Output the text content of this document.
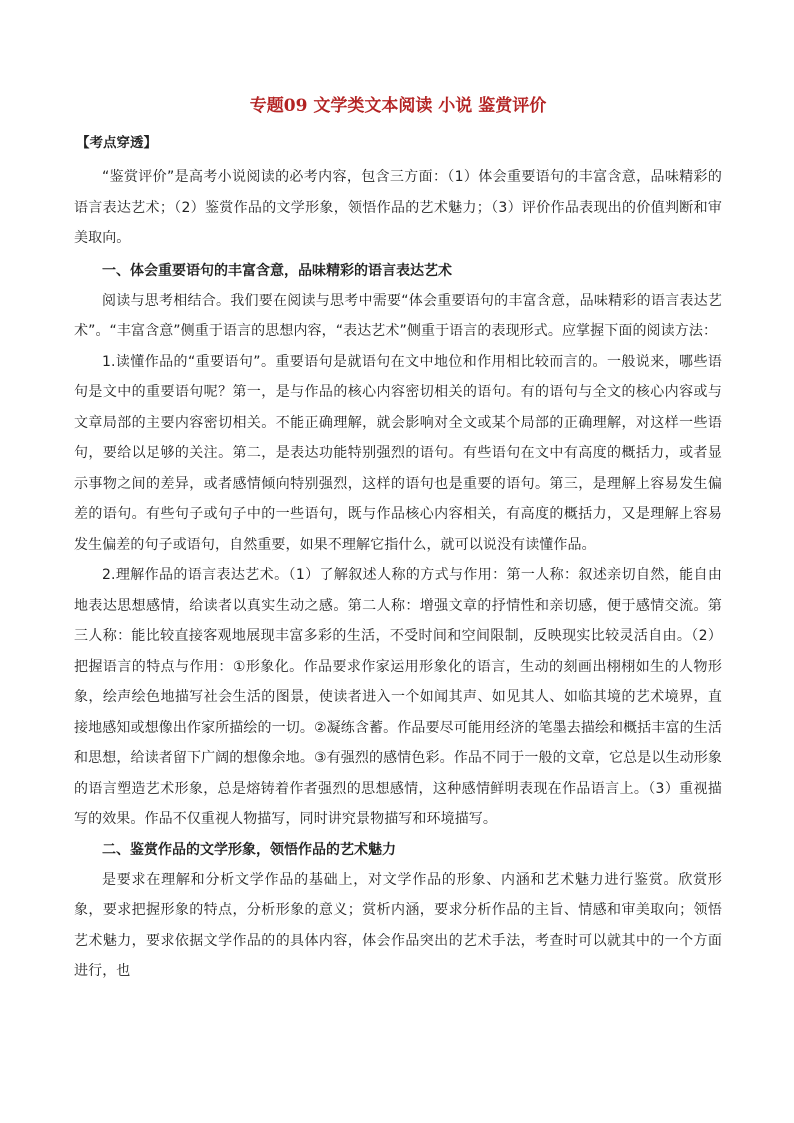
专题09 文学类文本阅读 小说 鉴赏评价
【考点穿透】

“鉴赏评价”是高考小说阅读的必考内容，包含三方面：（1）体会重要语句的丰富含意，品味精彩的语言表达艺术；（2）鉴赏作品的文学形象，领悟作品的艺术魅力；（3）评价作品表现出的价值判断和审美取向。

一、体会重要语句的丰富含意，品味精彩的语言表达艺术

阅读与思考相结合。我们要在阅读与思考中需要“体会重要语句的丰富含意，品味精彩的语言表达艺术”。“丰富含意”侧重于语言的思想内容，“表达艺术”侧重于语言的表现形式。应掌握下面的阅读方法：

1.读懂作品的“重要语句”。重要语句是就语句在文中地位和作用相比较而言的。一般说来，哪些语句是文中的重要语句呢？第一，是与作品的核心内容密切相关的语句。有的语句与全文的核心内容或与文章局部的主要内容密切相关。不能正确理解，就会影响对全文或某个局部的正确理解，对这样一些语句，要给以足够的关注。第二，是表达功能特别强烈的语句。有些语句在文中有高度的概括力，或者显示事物之间的差异，或者感情倾向特别强烈，这样的语句也是重要的语句。第三，是理解上容易发生偏差的语句。有些句子或句子中的一些语句，既与作品核心内容相关，有高度的概括力，又是理解上容易发生偏差的句子或语句，自然重要，如果不理解它指什么，就可以说没有读懂作品。

2.理解作品的语言表达艺术。（1）了解叙述人称的方式与作用：第一人称：叙述亲切自然，能自由地表达思想感情，给读者以真实生动之感。第二人称：增强文章的抒情性和亲切感，便于感情交流。第三人称：能比较直接客观地展现丰富多彩的生活，不受时间和空间限制，反映现实比较灵活自由。（2）把握语言的特点与作用：①形象化。作品要求作家运用形象化的语言，生动的刻画出栩栩如生的人物形象，绘声绘色地描写社会生活的图景，使读者进入一个如闻其声、如见其人、如临其境的艺术境界，直接地感知或想像出作家所描绘的一切。②凝练含蓄。作品要尽可能用经济的笔墨去描绘和概括丰富的生活和思想，给读者留下广阔的想像余地。③有强烈的感情色彩。作品不同于一般的文章，它总是以生动形象的语言塑造艺术形象，总是熔铸着作者强烈的思想感情，这种感情鲜明表现在作品语言上。（3）重视描写的效果。作品不仅重视人物描写，同时讲究景物描写和环境描写。

二、鉴赏作品的文学形象，领悟作品的艺术魅力

是要求在理解和分析文学作品的基础上，对文学作品的形象、内涵和艺术魅力进行鉴赏。欣赏形象，要求把握形象的特点，分析形象的意义；赏析内涵，要求分析作品的主旨、情感和审美取向；领悟艺术魅力，要求依据文学作品的的具体内容，体会作品突出的艺术手法，考查时可以就其中的一个方面进行，也
